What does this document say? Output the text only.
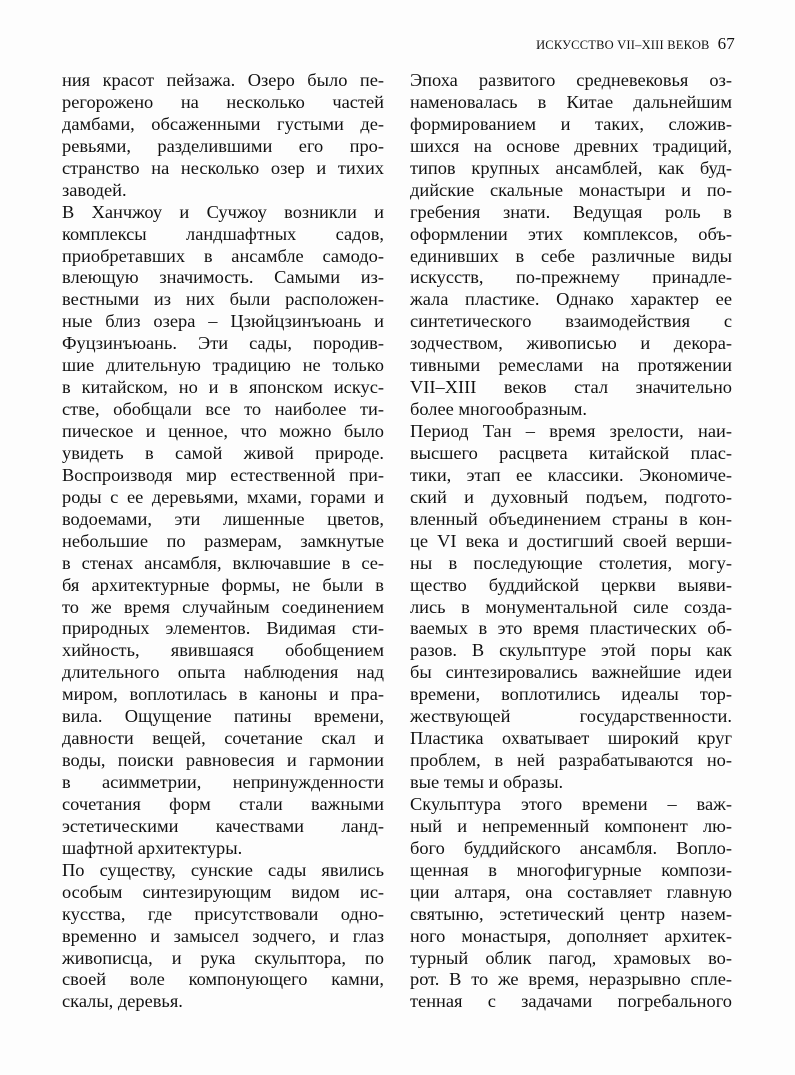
ИСКУССТВО VII–XIII ВЕКОВ 67
ния красот пейзажа. Озеро было пе-
регорожено на несколько частей
дамбами, обсаженными густыми де-
ревьями, разделившими его про-
странство на несколько озер и тихих
заводей.
В Ханчжоу и Сучжоу возникли и
комплексы ландшафтных садов,
приобретавших в ансамбле самодо-
влеющую значимость. Самыми из-
вестными из них были расположен-
ные близ озера – Цзюйцзинъюань и
Фуцзинъюань. Эти сады, породив-
шие длительную традицию не только
в китайском, но и в японском искус-
стве, обобщали все то наиболее ти-
пическое и ценное, что можно было
увидеть в самой живой природе.
Воспроизводя мир естественной при-
роды с ее деревьями, мхами, горами и
водоемами, эти лишенные цветов,
небольшие по размерам, замкнутые
в стенах ансамбля, включавшие в се-
бя архитектурные формы, не были в
то же время случайным соединением
природных элементов. Видимая сти-
хийность, явившаяся обобщением
длительного опыта наблюдения над
миром, воплотилась в каноны и пра-
вила. Ощущение патины времени,
давности вещей, сочетание скал и
воды, поиски равновесия и гармонии
в асимметрии, непринужденности
сочетания форм стали важными
эстетическими качествами ланд-
шафтной архитектуры.
По существу, сунские сады явились
особым синтезирующим видом ис-
кусства, где присутствовали одно-
временно и замысел зодчего, и глаз
живописца, и рука скульптора, по
своей воле компонующего камни,
скалы, деревья.
Эпоха развитого средневековья оз-
наменовалась в Китае дальнейшим
формированием и таких, сложив-
шихся на основе древних традиций,
типов крупных ансамблей, как буд-
дийские скальные монастыри и по-
гребения знати. Ведущая роль в
оформлении этих комплексов, объ-
единивших в себе различные виды
искусств, по-прежнему принадле-
жала пластике. Однако характер ее
синтетического взаимодействия с
зодчеством, живописью и декора-
тивными ремеслами на протяжении
VII–XIII веков стал значительно
более многообразным.
Период Тан – время зрелости, наи-
высшего расцвета китайской плас-
тики, этап ее классики. Экономиче-
ский и духовный подъем, подгото-
вленный объединением страны в кон-
це VI века и достигший своей верши-
ны в последующие столетия, могу-
щество буддийской церкви выяви-
лись в монументальной силе созда-
ваемых в это время пластических об-
разов. В скульптуре этой поры как
бы синтезировались важнейшие идеи
времени, воплотились идеалы тор-
жествующей государственности.
Пластика охватывает широкий круг
проблем, в ней разрабатываются но-
вые темы и образы.
Скульптура этого времени – важ-
ный и непременный компонент лю-
бого буддийского ансамбля. Вопло-
щенная в многофигурные компози-
ции алтаря, она составляет главную
святыню, эстетический центр назем-
ного монастыря, дополняет архитек-
турный облик пагод, храмовых во-
рот. В то же время, неразрывно спле-
тенная с задачами погребального
